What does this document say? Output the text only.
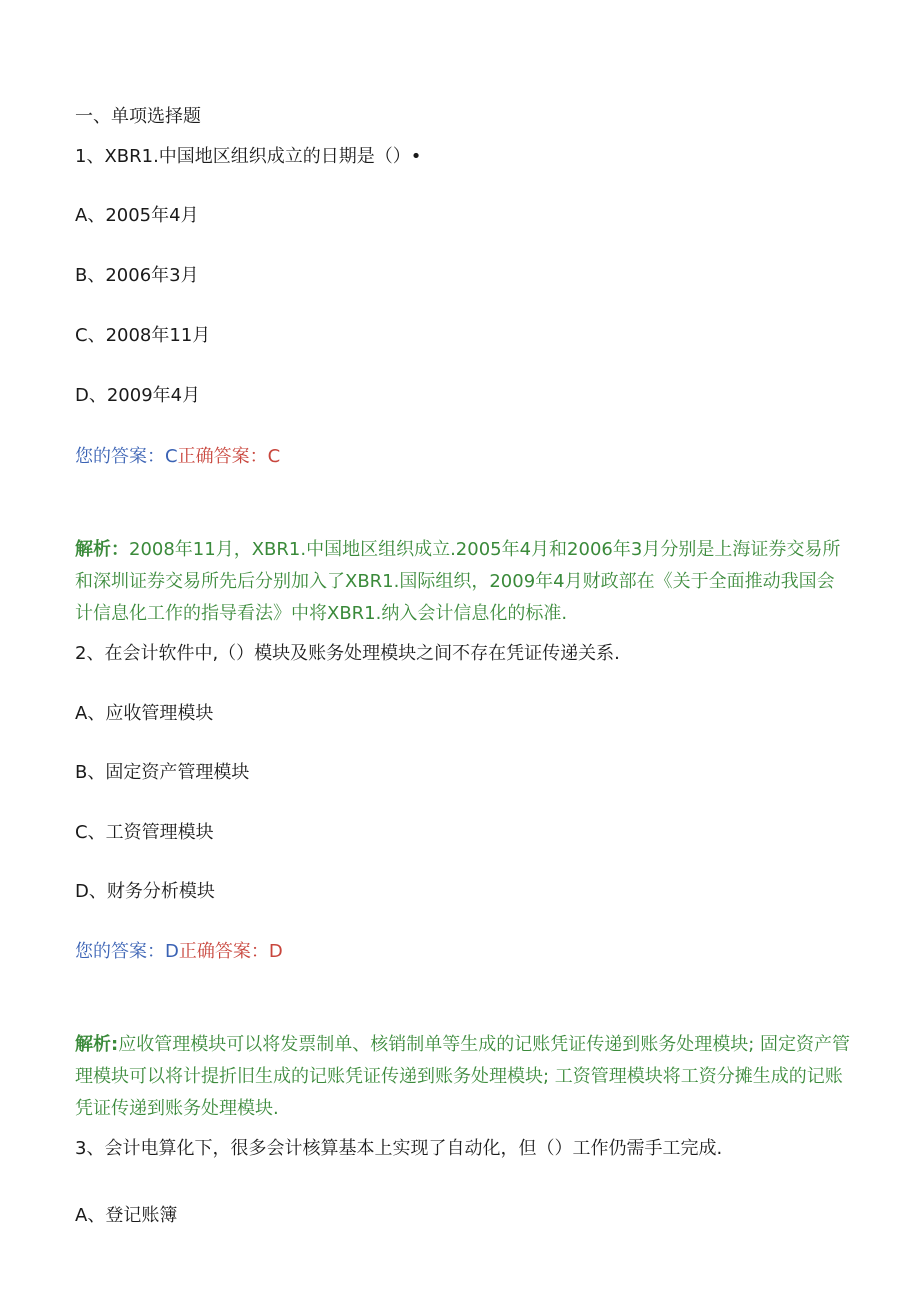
一、单项选择题
1、XBR1.中国地区组织成立的日期是（）•
A、2005年4月
B、2006年3月
C、2008年11月
D、2009年4月
您的答案：C正确答案：C
解析：2008年11月，XBR1.中国地区组织成立.2005年4月和2006年3月分别是上海证券交易所和深圳证券交易所先后分别加入了XBR1.国际组织，2009年4月财政部在《关于全面推动我国会计信息化工作的指导看法》中将XBR1.纳入会计信息化的标准.
2、在会计软件中,（）模块及账务处理模块之间不存在凭证传递关系.
A、应收管理模块
B、固定资产管理模块
C、工资管理模块
D、财务分析模块
您的答案：D正确答案：D
解析:应收管理模块可以将发票制单、核销制单等生成的记账凭证传递到账务处理模块; 固定资产管理模块可以将计提折旧生成的记账凭证传递到账务处理模块; 工资管理模块将工资分摊生成的记账凭证传递到账务处理模块.
3、会计电算化下，很多会计核算基本上实现了自动化，但（）工作仍需手工完成.
A、登记账簿
